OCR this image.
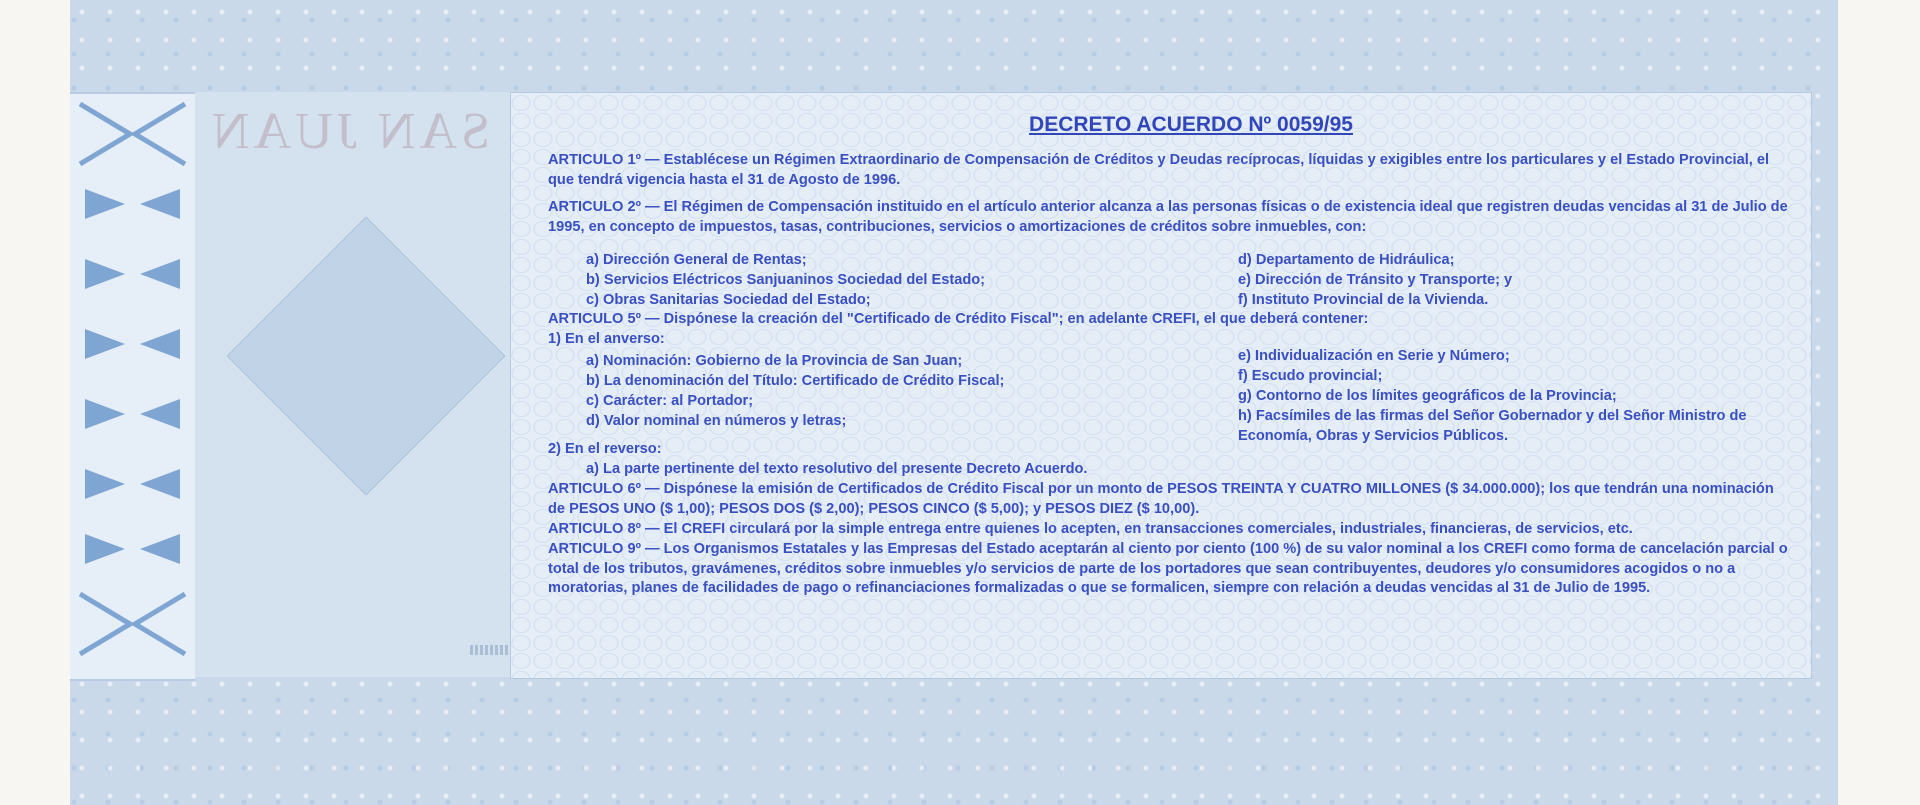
SAN JUAN	DECRETO ACUERDO Nº 0059/95
ARTICULO 1º — Establécese un Régimen Extraordinario de Compensación de Créditos y Deudas recíprocas, líquidas y exigibles entre los particulares y el Estado Provincial, el que tendrá vigencia hasta el 31 de Agosto de 1996.
ARTICULO 2º — El Régimen de Compensación instituido en el artículo anterior alcanza a las personas físicas o de existencia ideal que registren deudas vencidas al 31 de Julio de 1995, en concepto de impuestos, tasas, contribuciones, servicios o amortizaciones de créditos sobre inmuebles, con:
a) Dirección General de Rentas;
b) Servicios Eléctricos Sanjuaninos Sociedad del Estado;
c) Obras Sanitarias Sociedad del Estado;
d) Departamento de Hidráulica;
e) Dirección de Tránsito y Transporte; y
f) Instituto Provincial de la Vivienda.
ARTICULO 5º — Dispónese la creación del "Certificado de Crédito Fiscal"; en adelante CREFI, el que deberá contener:
1) En el anverso:
a) Nominación: Gobierno de la Provincia de San Juan;
b) La denominación del Título: Certificado de Crédito Fiscal;
c) Carácter: al Portador;
d) Valor nominal en números y letras;
e) Individualización en Serie y Número;
f) Escudo provincial;
g) Contorno de los límites geográficos de la Provincia;
h) Facsímiles de las firmas del Señor Gobernador y del Señor Ministro de Economía, Obras y Servicios Públicos.
2) En el reverso:
a) La parte pertinente del texto resolutivo del presente Decreto Acuerdo.
ARTICULO 6º — Dispónese la emisión de Certificados de Crédito Fiscal por un monto de PESOS TREINTA Y CUATRO MILLONES ($ 34.000.000); los que tendrán una nominación de PESOS UNO ($ 1,00); PESOS DOS ($ 2,00); PESOS CINCO ($ 5,00); y PESOS DIEZ ($ 10,00).
ARTICULO 8º — El CREFI circulará por la simple entrega entre quienes lo acepten, en transacciones comerciales, industriales, financieras, de servicios, etc.
ARTICULO 9º — Los Organismos Estatales y las Empresas del Estado aceptarán al ciento por ciento (100 %) de su valor nominal a los CREFI como forma de cancelación parcial o total de los tributos, gravámenes, créditos sobre inmuebles y/o servicios de parte de los portadores que sean contribuyentes, deudores y/o consumidores acogidos o no a moratorias, planes de facilidades de pago o refinanciaciones formalizadas o que se formalicen, siempre con relación a deudas vencidas al 31 de Julio de 1995.
